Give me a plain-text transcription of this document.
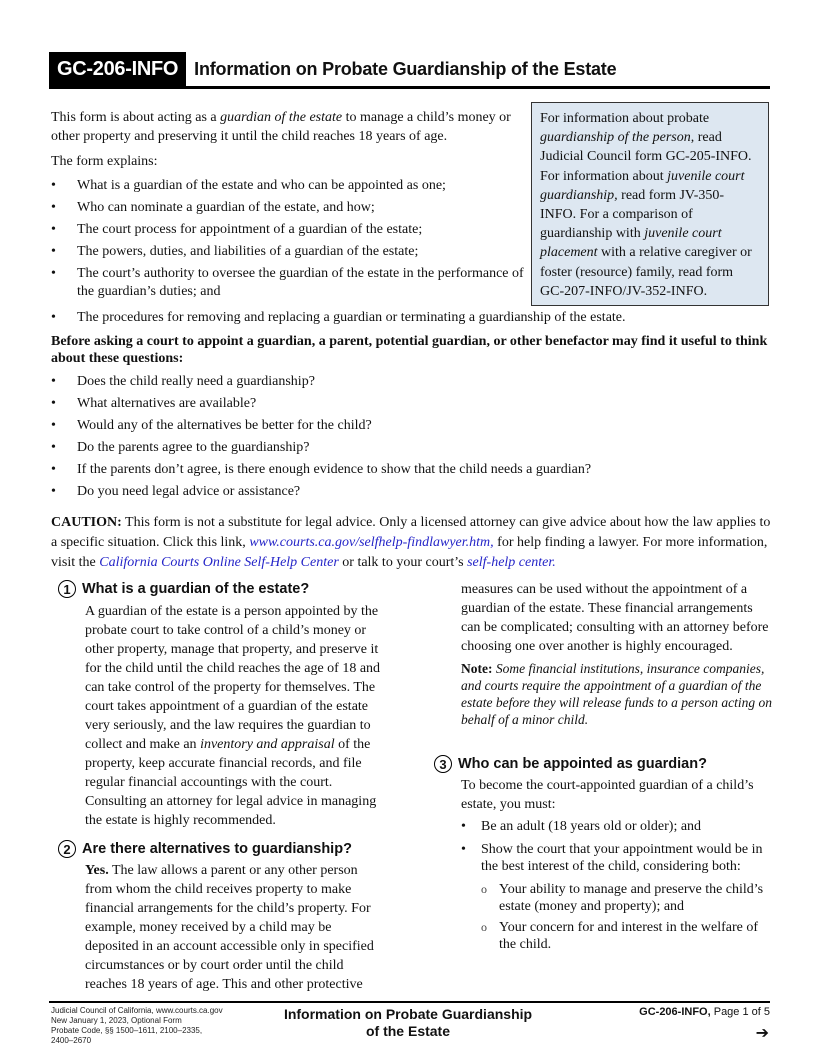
GC-206-INFO Information on Probate Guardianship of the Estate

This form is about acting as a guardian of the estate to manage a child’s money or other property and preserving it until the child reaches 18 years of age.

The form explains:

• What is a guardian of the estate and who can be appointed as one;
• Who can nominate a guardian of the estate, and how;
• The court process for appointment of a guardian of the estate;
• The powers, duties, and liabilities of a guardian of the estate;
• The court’s authority to oversee the guardian of the estate in the performance of the guardian’s duties; and
For information about probate guardianship of the person, read Judicial Council form GC-205-INFO. For information about juvenile court guardianship, read form JV-350-INFO. For a comparison of guardianship with juvenile court placement with a relative caregiver or foster (resource) family, read form GC-207-INFO/JV-352-INFO.
• The procedures for removing and replacing a guardian or terminating a guardianship of the estate.
Before asking a court to appoint a guardian, a parent, potential guardian, or other benefactor may find it useful to think about these questions:
• Does the child really need a guardianship?
• What alternatives are available?
• Would any of the alternatives be better for the child?
• Do the parents agree to the guardianship?
• If the parents don’t agree, is there enough evidence to show that the child needs a guardian?
• Do you need legal advice or assistance?
CAUTION: This form is not a substitute for legal advice. Only a licensed attorney can give advice about how the law applies to a specific situation. Click this link, www.courts.ca.gov/selfhelp-findlawyer.htm, for help finding a lawyer. For more information, visit the California Courts Online Self-Help Center or talk to your court’s self-help center.
1 What is a guardian of the estate?

A guardian of the estate is a person appointed by the probate court to take control of a child’s money or other property, manage that property, and preserve it for the child until the child reaches the age of 18 and can take control of the property for themselves. The court takes appointment of a guardian of the estate very seriously, and the law requires the guardian to collect and make an inventory and appraisal of the property, keep accurate financial records, and file regular financial accountings with the court. Consulting an attorney for legal advice in managing the estate is highly recommended.

2 Are there alternatives to guardianship?

Yes. The law allows a parent or any other person from whom the child receives property to make financial arrangements for the child’s property. For example, money received by a child may be deposited in an account accessible only in specified circumstances or by court order until the child reaches 18 years of age. This and other protective

measures can be used without the appointment of a guardian of the estate. These financial arrangements can be complicated; consulting with an attorney before choosing one over another is highly encouraged.

Note: Some financial institutions, insurance companies, and courts require the appointment of a guardian of the estate before they will release funds to a person acting on behalf of a minor child.

3 Who can be appointed as guardian?

To become the court-appointed guardian of a child’s estate, you must:

• Be an adult (18 years old or older); and
• Show the court that your appointment would be in the best interest of the child, considering both:
o Your ability to manage and preserve the child’s estate (money and property); and
o Your concern for and interest in the welfare of the child.
Judicial Council of California, www.courts.ca.gov
New January 1, 2023, Optional Form
Probate Code, §§ 1500–1611, 2100–2335,
2400–2670
Information on Probate Guardianship
of the Estate
GC-206-INFO, Page 1 of 5
➔
